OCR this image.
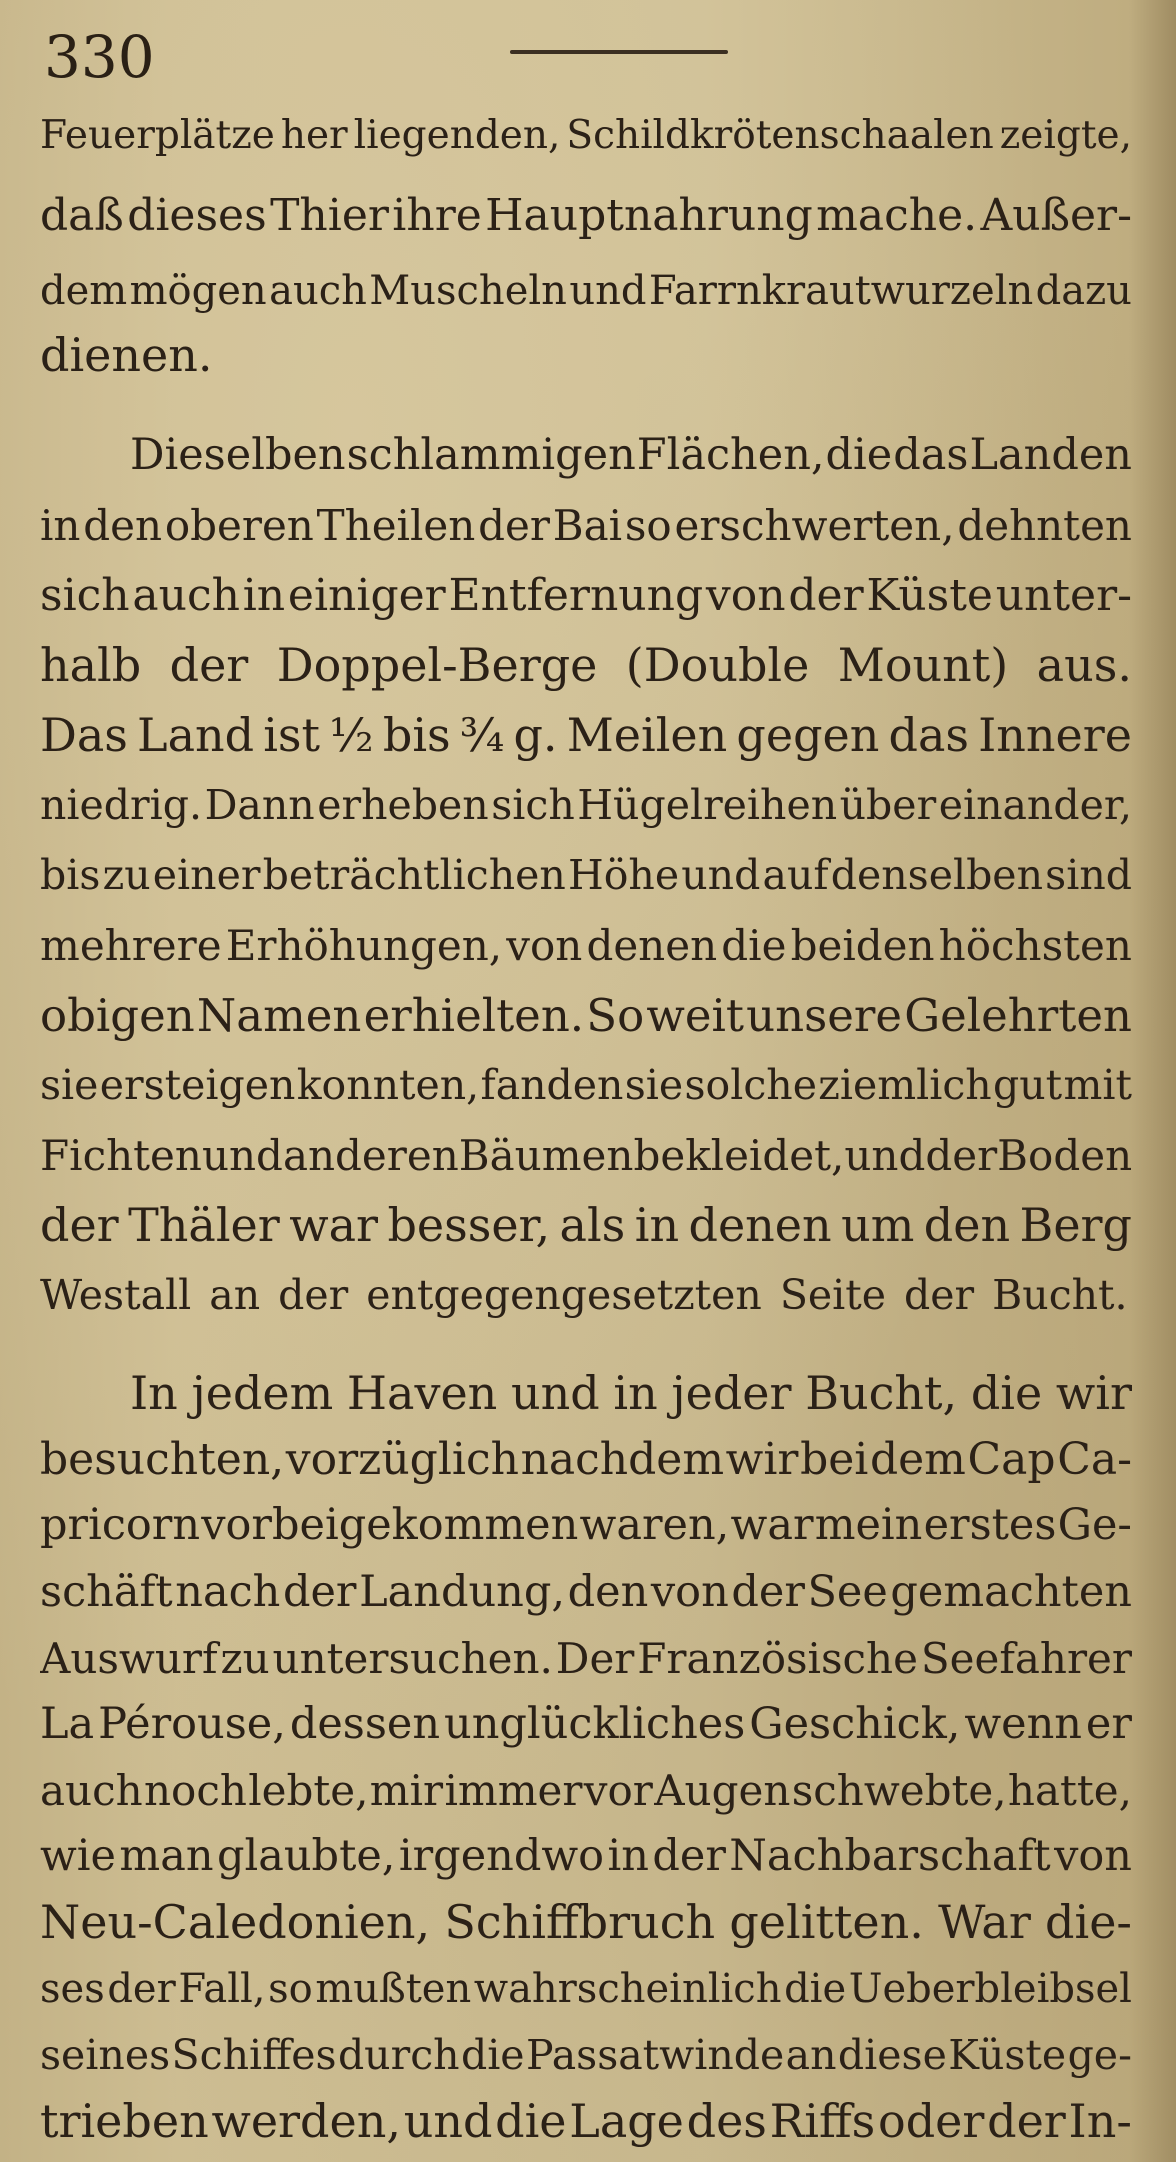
330
Feuerplätze her liegenden, Schildkrötenschaalen zeigte,
daß dieses Thier ihre Hauptnahrung mache. Außer-
dem mögen auch Muscheln und Farrnkrautwurzeln dazu
dienen.
Dieselben schlammigen Flächen, die das Landen
in den oberen Theilen der Bai so erschwerten, dehnten
sich auch in einiger Entfernung von der Küste unter-
halb der Doppel-Berge (Double Mount) aus.
Das Land ist ½ bis ¾ g. Meilen gegen das Innere
niedrig. Dann erheben sich Hügelreihen über einander,
bis zu einer beträchtlichen Höhe und auf denselben sind
mehrere Erhöhungen, von denen die beiden höchsten
obigen Namen erhielten. So weit unsere Gelehrten
sie ersteigen konnten, fanden sie solche ziemlich gut mit
Fichten und anderen Bäumen bekleidet, und der Boden
der Thäler war besser, als in denen um den Berg
Westall an der entgegengesetzten Seite der Bucht.
In jedem Haven und in jeder Bucht, die wir
besuchten, vorzüglich nachdem wir bei dem Cap Ca-
pricorn vorbeigekommen waren, war mein erstes Ge-
schäft nach der Landung, den von der See gemachten
Auswurf zu untersuchen. Der Französische Seefahrer
La Pérouse, dessen unglückliches Geschick, wenn er
auch noch lebte, mir immer vor Augen schwebte, hatte,
wie man glaubte, irgendwo in der Nachbarschaft von
Neu-Caledonien, Schiffbruch gelitten. War die-
ses der Fall, so mußten wahrscheinlich die Ueberbleibsel
seines Schiffes durch die Passatwinde an diese Küste ge-
trieben werden, und die Lage des Riffs oder der In-
